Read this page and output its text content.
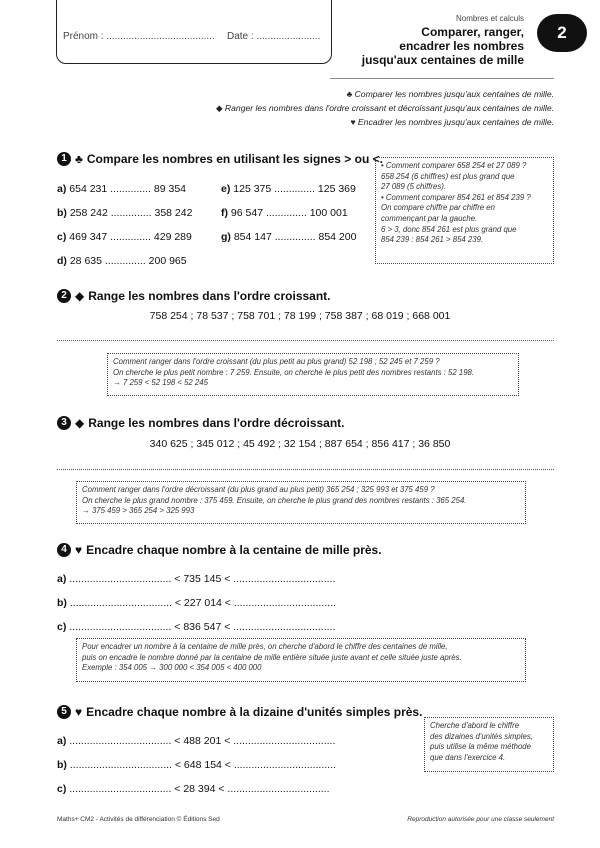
Prénom : ....................................... Date : .......................
Nombres et calculs
Comparer, ranger,
encadrer les nombres
jusqu'aux centaines de mille
2
♣ Comparer les nombres jusqu'aux centaines de mille.
◆ Ranger les nombres dans l'ordre croissant et décroissant jusqu'aux centaines de mille.
♥ Encadrer les nombres jusqu'aux centaines de mille.
1 ♣ Compare les nombres en utilisant les signes > ou <.
a) 654 231 .............. 89 354
b) 258 242 .............. 358 242
c) 469 347 .............. 429 289
d) 28 635 .............. 200 965
e) 125 375 .............. 125 369
f) 96 547 .............. 100 001
g) 854 147 .............. 854 200
• Comment comparer 658 254 et 27 089 ?
658 254 (6 chiffres) est plus grand que
27 089 (5 chiffres).
• Comment comparer 854 261 et 854 239 ?
On compare chiffre par chiffre en
commençant par la gauche.
6 > 3, donc 854 261 est plus grand que
854 239 : 854 261 > 854 239.
2 ◆ Range les nombres dans l'ordre croissant.
758 254 ; 78 537 ; 758 701 ; 78 199 ; 758 387 ; 68 019 ; 668 001
Comment ranger dans l'ordre croissant (du plus petit au plus grand) 52 198 ; 52 245 et 7 259 ?
On cherche le plus petit nombre : 7 259. Ensuite, on cherche le plus petit des nombres restants : 52 198.
→ 7 259 < 52 198 < 52 245
3 ◆ Range les nombres dans l'ordre décroissant.
340 625 ; 345 012 ; 45 492 ; 32 154 ; 887 654 ; 856 417 ; 36 850
Comment ranger dans l'ordre décroissant (du plus grand au plus petit) 365 254 ; 325 993 et 375 459 ?
On cherche le plus grand nombre : 375 459. Ensuite, on cherche le plus grand des nombres restants : 365 254.
→ 375 459 > 365 254 > 325 993
4 ♥ Encadre chaque nombre à la centaine de mille près.
a) ................................... < 735 145 < ...................................
b) ................................... < 227 014 < ...................................
c) ................................... < 836 547 < ...................................
Pour encadrer un nombre à la centaine de mille près, on cherche d'abord le chiffre des centaines de mille,
puis on encadre le nombre donné par la centaine de mille entière située juste avant et celle située juste après.
Exemple : 354 005 → 300 000 < 354 005 < 400 000
5 ♥ Encadre chaque nombre à la dizaine d'unités simples près.
a) ................................... < 488 201 < ...................................
b) ................................... < 648 154 < ...................................
c) ................................... < 28 394 < ...................................
Cherche d'abord le chiffre
des dizaines d'unités simples,
puis utilise la même méthode
que dans l'exercice 4.
Maths+ CM2 - Activités de différenciation © Éditions Sed	Reproduction autorisée pour une classe seulement
